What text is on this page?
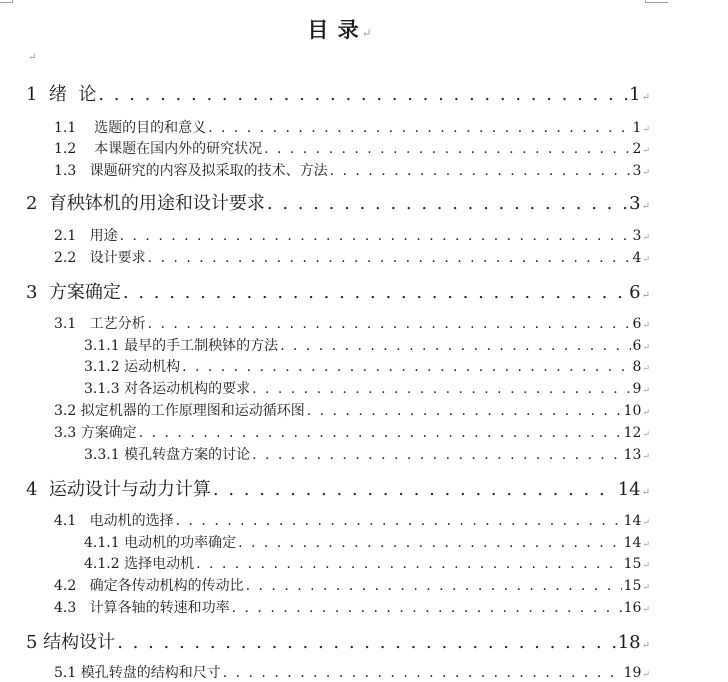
目 录 ↵
↵
1  绪  论 . . .	1 ↵
1.1    选题的目的和意义 . . .	1 ↵
1.2    本课题在国内外的研究状况 . . .	2 ↵
1.3   课题研究的内容及拟采取的技术、方法 . . .	3 ↵
2  育秧钵机的用途和设计要求 . . .	3 ↵
2.1   用途 . . .	3 ↵
2.2   设计要求 . . .	4 ↵
3  方案确定 . . .	6 ↵
3.1   工艺分析 . . .	6 ↵
3.1.1 最早的手工制秧钵的方法 . . .	6 ↵
3.1.2 运动机构 . . .	8 ↵
3.1.3 对各运动机构的要求 . . .	9 ↵
3.2 拟定机器的工作原理图和运动循环图 . . .	10 ↵
3.3 方案确定 . . .	12 ↵
3.3.1 模孔转盘方案的讨论 . . .	13 ↵
4  运动设计与动力计算 . . .	14 ↵
4.1   电动机的选择 . . .	14 ↵
4.1.1 电动机的功率确定 . . .	14 ↵
4.1.2 选择电动机 . . .	15 ↵
4.2   确定各传动机构的传动比 . . .	15 ↵
4.3   计算各轴的转速和功率 . . .	16 ↵
5 结构设计 . . .	18 ↵
5.1 模孔转盘的结构和尺寸 . . .	19 ↵
